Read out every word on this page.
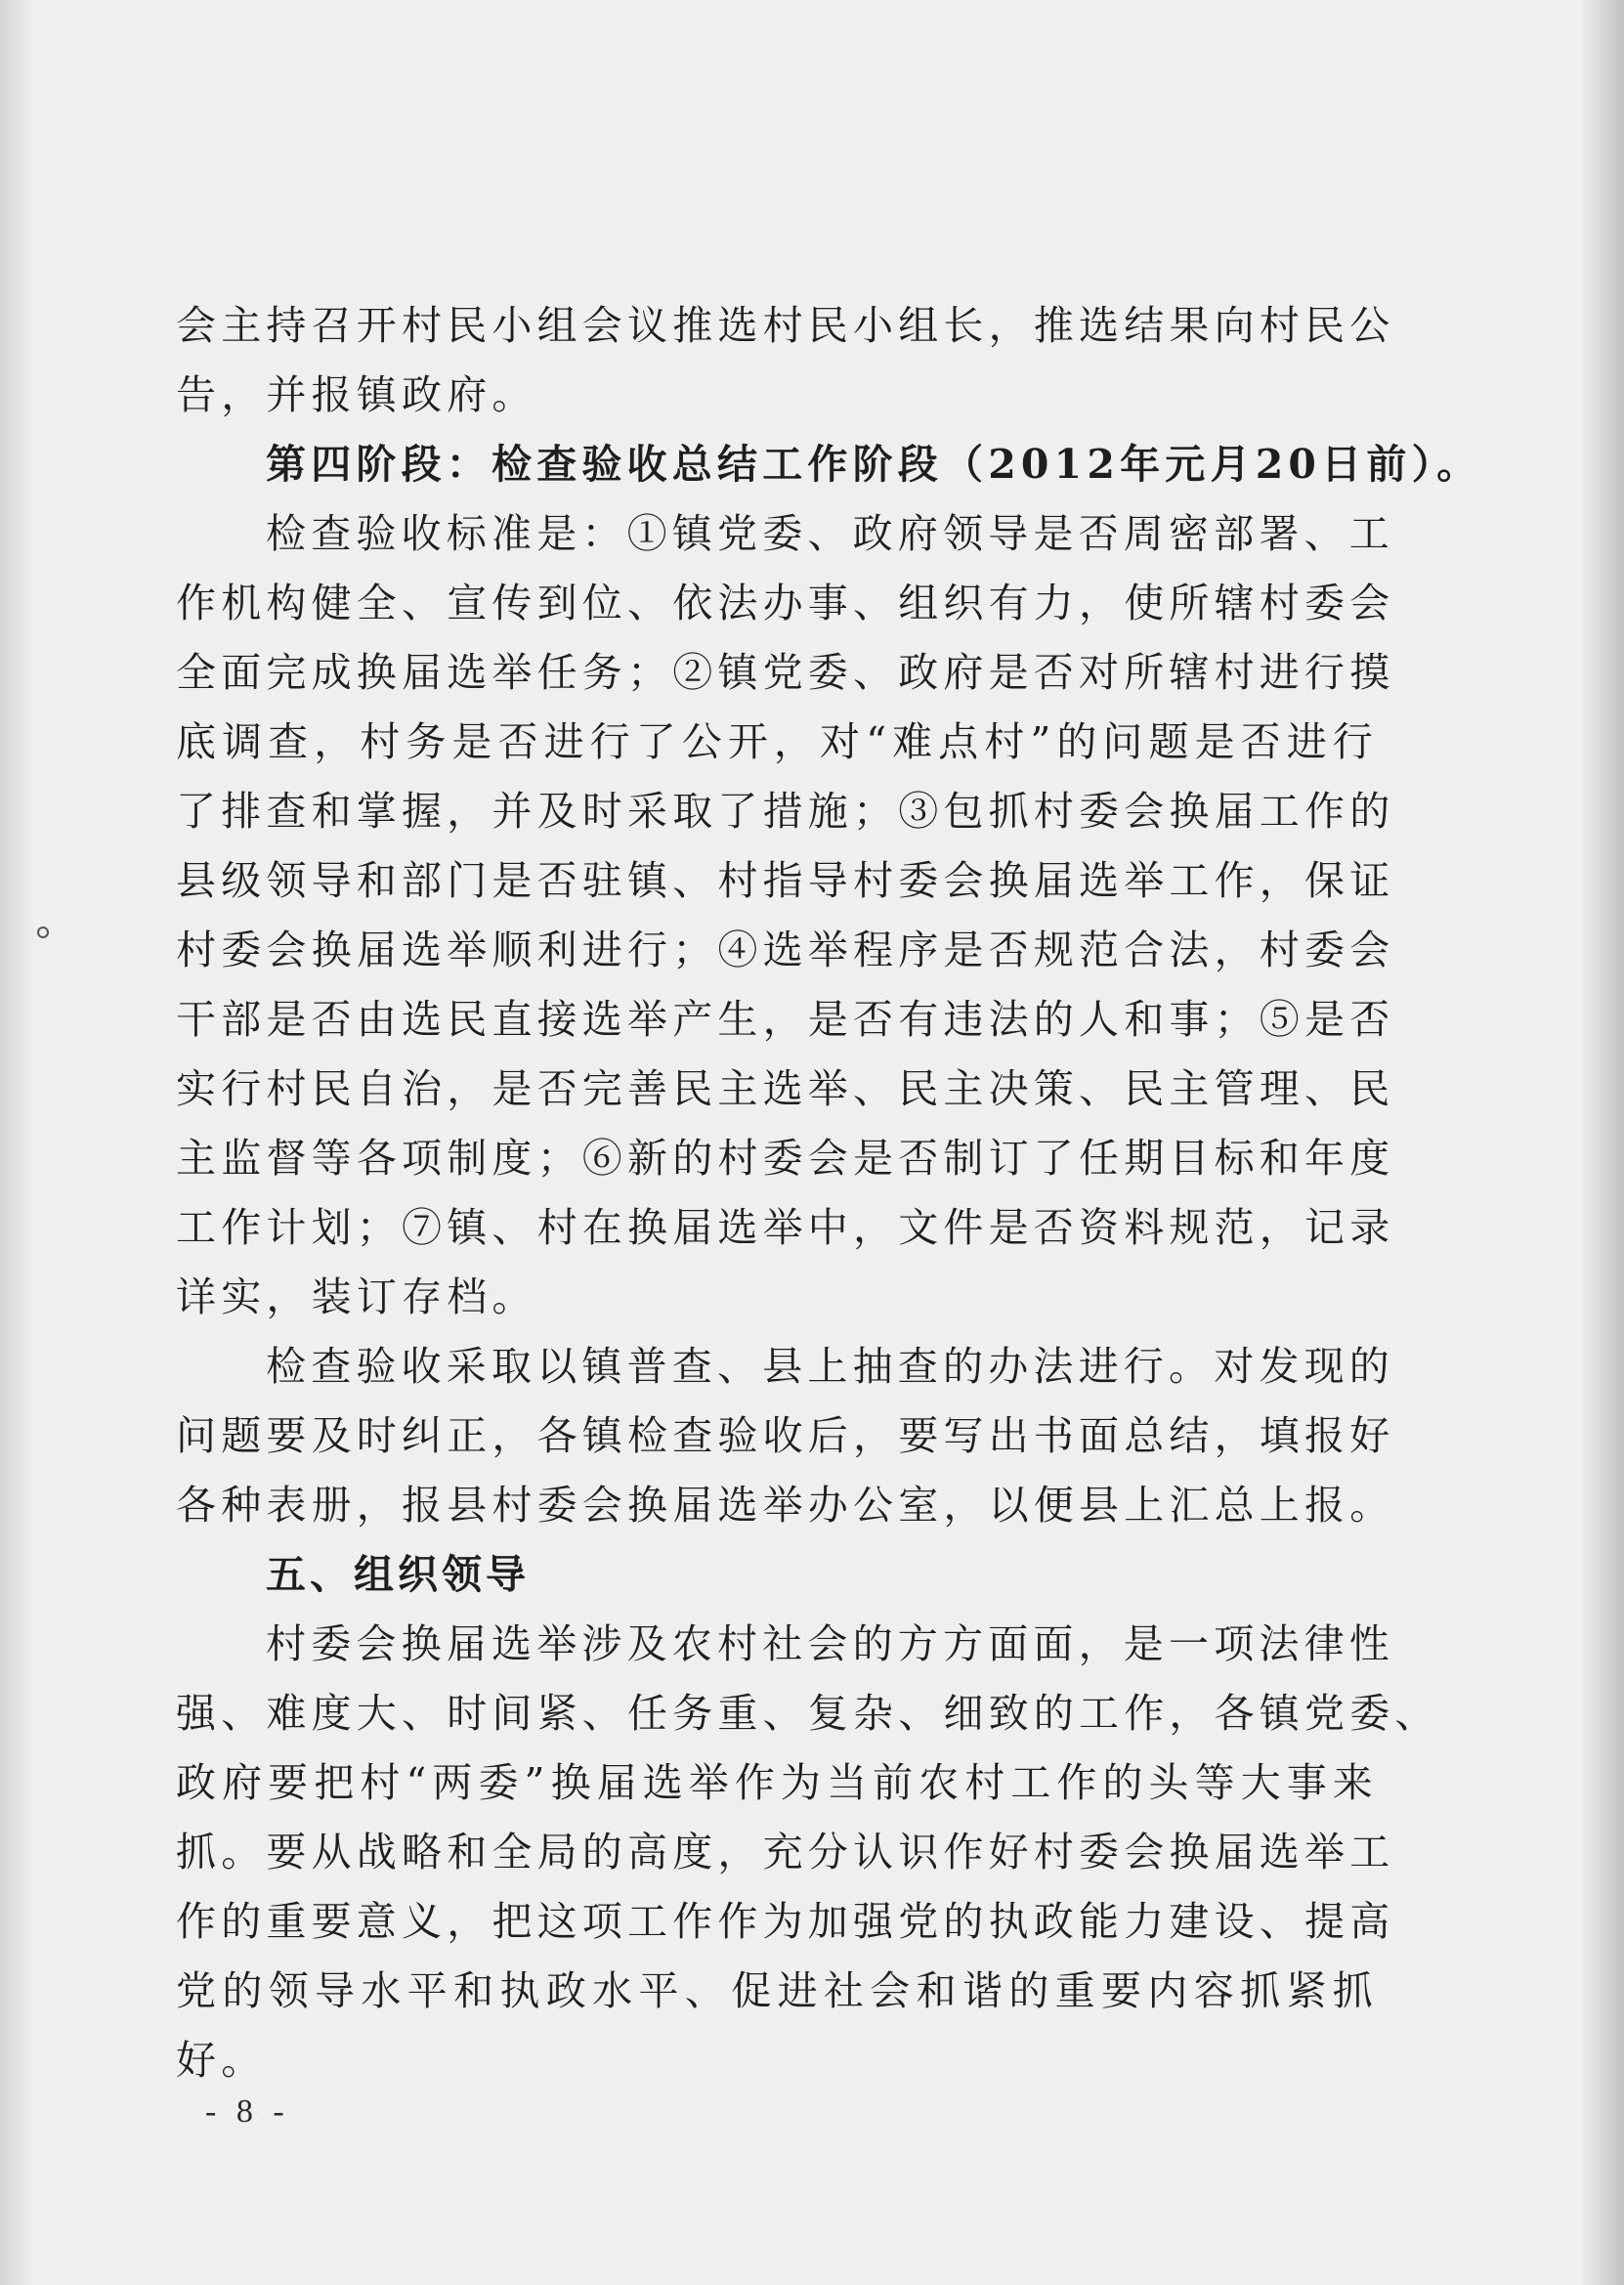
会主持召开村民小组会议推选村民小组长，推选结果向村民公
告，并报镇政府。
第四阶段：检查验收总结工作阶段（2012年元月20日前）。
检查验收标准是：①镇党委、政府领导是否周密部署、工
作机构健全、宣传到位、依法办事、组织有力，使所辖村委会
全面完成换届选举任务；②镇党委、政府是否对所辖村进行摸
底调查，村务是否进行了公开，对“难点村”的问题是否进行
了排查和掌握，并及时采取了措施；③包抓村委会换届工作的
县级领导和部门是否驻镇、村指导村委会换届选举工作，保证
村委会换届选举顺利进行；④选举程序是否规范合法，村委会
干部是否由选民直接选举产生，是否有违法的人和事；⑤是否
实行村民自治，是否完善民主选举、民主决策、民主管理、民
主监督等各项制度；⑥新的村委会是否制订了任期目标和年度
工作计划；⑦镇、村在换届选举中，文件是否资料规范，记录
详实，装订存档。
检查验收采取以镇普查、县上抽查的办法进行。对发现的
问题要及时纠正，各镇检查验收后，要写出书面总结，填报好
各种表册，报县村委会换届选举办公室，以便县上汇总上报。
五、组织领导
村委会换届选举涉及农村社会的方方面面，是一项法律性
强、难度大、时间紧、任务重、复杂、细致的工作，各镇党委、
政府要把村“两委”换届选举作为当前农村工作的头等大事来
抓。要从战略和全局的高度，充分认识作好村委会换届选举工
作的重要意义，把这项工作作为加强党的执政能力建设、提高
党的领导水平和执政水平、促进社会和谐的重要内容抓紧抓
好。
- 8 -
